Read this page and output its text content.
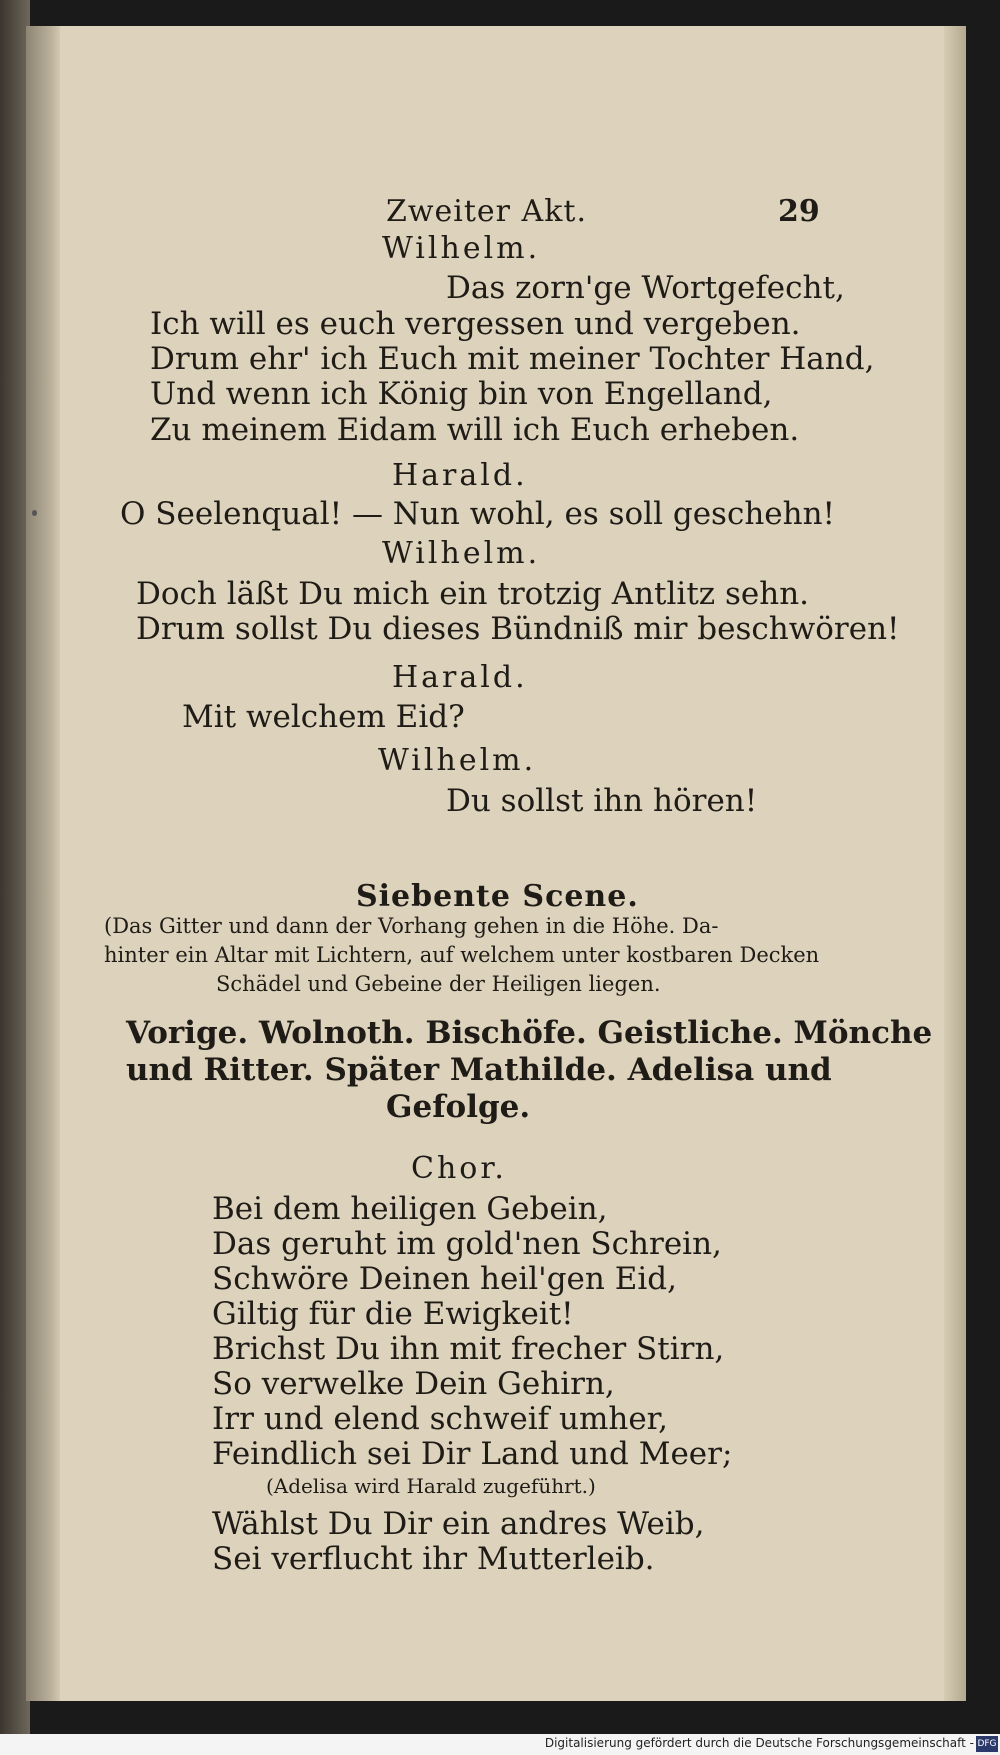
Zweiter Akt.	29
Wilhelm.
Das zorn'ge Wortgefecht,
Ich will es euch vergessen und vergeben.
Drum ehr' ich Euch mit meiner Tochter Hand,
Und wenn ich König bin von Engelland,
Zu meinem Eidam will ich Euch erheben.
Harald.
O Seelenqual! — Nun wohl, es soll geschehn!
Wilhelm.
Doch läßt Du mich ein trotzig Antlitz sehn.
Drum sollst Du dieses Bündniß mir beschwören!
Harald.
Mit welchem Eid?
Wilhelm.
Du sollst ihn hören!
Siebente Scene.
(Das Gitter und dann der Vorhang gehen in die Höhe. Da-
hinter ein Altar mit Lichtern, auf welchem unter kostbaren Decken
Schädel und Gebeine der Heiligen liegen.
Vorige. Wolnoth. Bischöfe. Geistliche. Mönche
und Ritter. Später Mathilde. Adelisa und
Gefolge.
Chor.
Bei dem heiligen Gebein,
Das geruht im gold'nen Schrein,
Schwöre Deinen heil'gen Eid,
Giltig für die Ewigkeit!
Brichst Du ihn mit frecher Stirn,
So verwelke Dein Gehirn,
Irr und elend schweif umher,
Feindlich sei Dir Land und Meer;
(Adelisa wird Harald zugeführt.)
Wählst Du Dir ein andres Weib,
Sei verflucht ihr Mutterleib.
Digitalisierung gefördert durch die Deutsche Forschungsgemeinschaft - DFG
